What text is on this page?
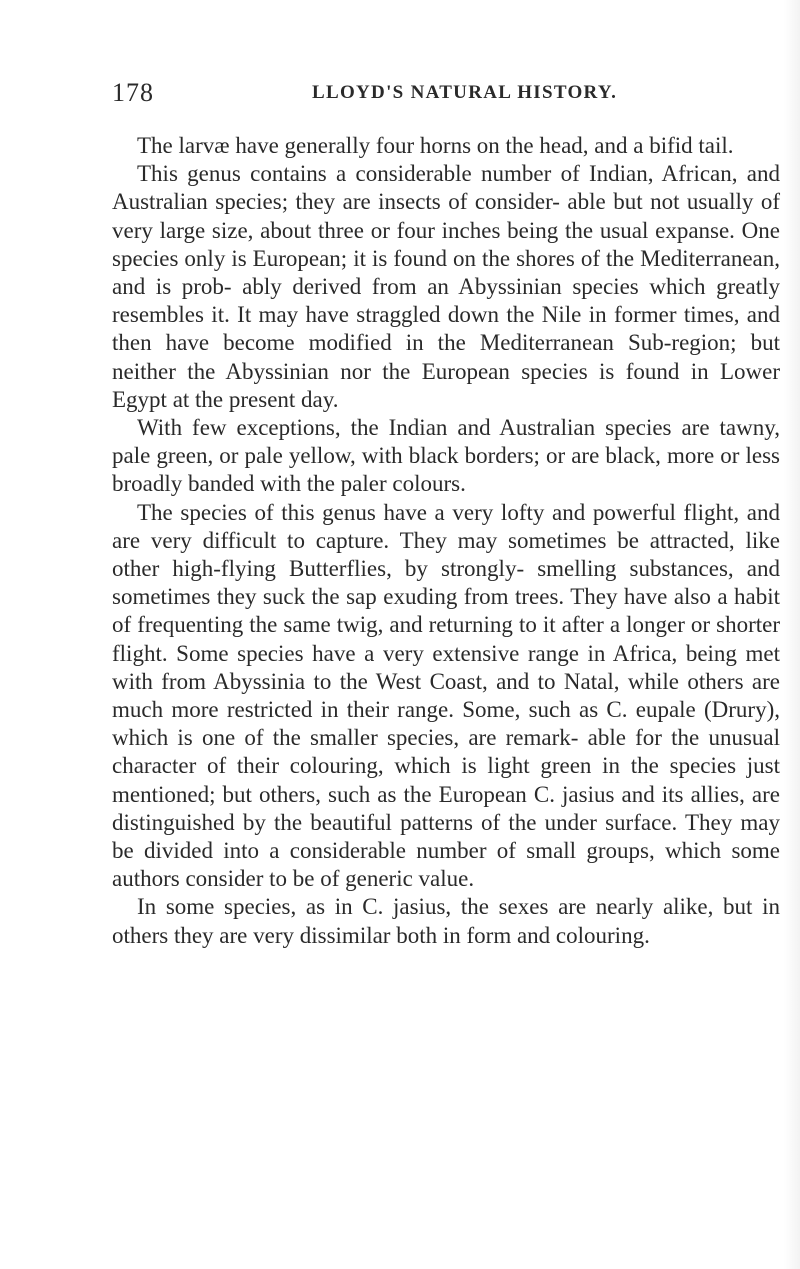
178	LLOYD'S NATURAL HISTORY.

The larvæ have generally four horns on the head, and a bifid tail.

This genus contains a considerable number of Indian, African, and Australian species; they are insects of consider- able but not usually of very large size, about three or four inches being the usual expanse. One species only is European; it is found on the shores of the Mediterranean, and is prob- ably derived from an Abyssinian species which greatly resembles it. It may have straggled down the Nile in former times, and then have become modified in the Mediterranean Sub-region; but neither the Abyssinian nor the European species is found in Lower Egypt at the present day.

With few exceptions, the Indian and Australian species are tawny, pale green, or pale yellow, with black borders; or are black, more or less broadly banded with the paler colours.

The species of this genus have a very lofty and powerful flight, and are very difficult to capture. They may sometimes be attracted, like other high-flying Butterflies, by strongly- smelling substances, and sometimes they suck the sap exuding from trees. They have also a habit of frequenting the same twig, and returning to it after a longer or shorter flight. Some species have a very extensive range in Africa, being met with from Abyssinia to the West Coast, and to Natal, while others are much more restricted in their range. Some, such as C. eupale (Drury), which is one of the smaller species, are remark- able for the unusual character of their colouring, which is light green in the species just mentioned; but others, such as the European C. jasius and its allies, are distinguished by the beautiful patterns of the under surface. They may be divided into a considerable number of small groups, which some authors consider to be of generic value.

In some species, as in C. jasius, the sexes are nearly alike, but in others they are very dissimilar both in form and colouring.
